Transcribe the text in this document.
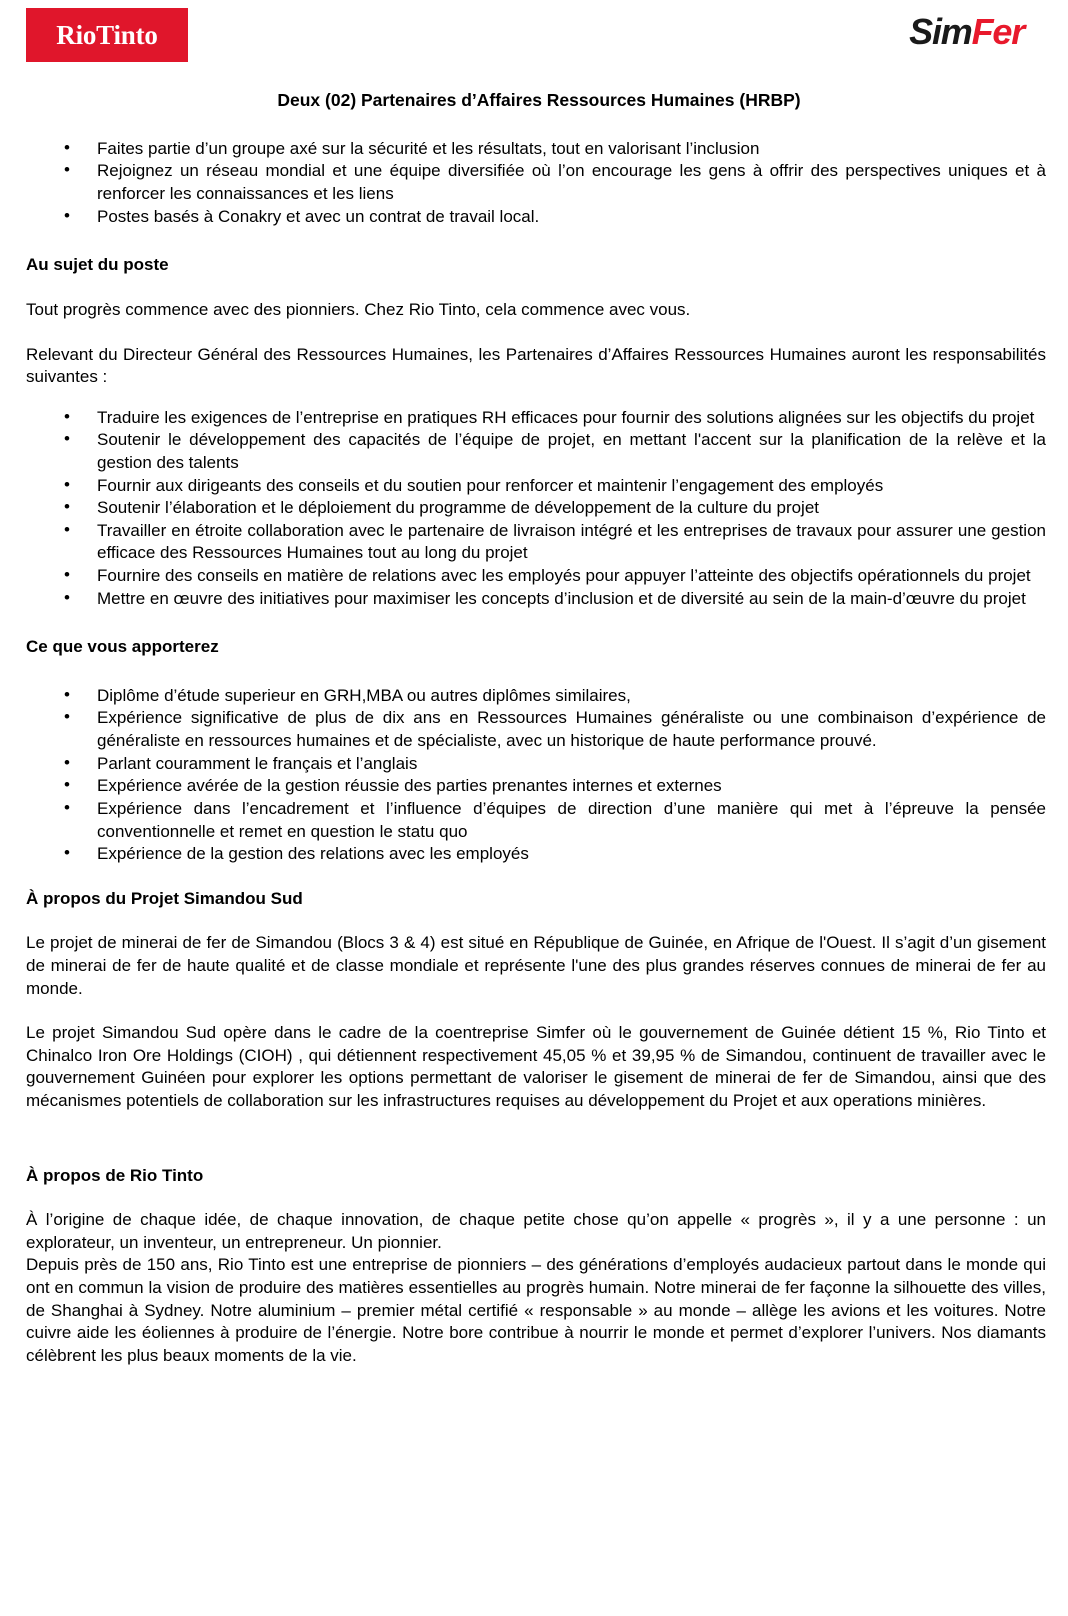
RioTinto	SimFer
Deux (02) Partenaires d’Affaires Ressources Humaines (HRBP)
• Faites partie d’un groupe axé sur la sécurité et les résultats, tout en valorisant l’inclusion
• Rejoignez un réseau mondial et une équipe diversifiée où l’on encourage les gens à offrir des perspectives uniques et à renforcer les connaissances et les liens
• Postes basés à Conakry et avec un contrat de travail local.
Au sujet du poste

Tout progrès commence avec des pionniers. Chez Rio Tinto, cela commence avec vous.

Relevant du Directeur Général des Ressources Humaines, les Partenaires d’Affaires Ressources Humaines auront les responsabilités suivantes :

• Traduire les exigences de l’entreprise en pratiques RH efficaces pour fournir des solutions alignées sur les objectifs du projet
• Soutenir le développement des capacités de l’équipe de projet, en mettant l'accent sur la planification de la relève et la gestion des talents
• Fournir aux dirigeants des conseils et du soutien pour renforcer et maintenir l’engagement des employés
• Soutenir l’élaboration et le déploiement du programme de développement de la culture du projet
• Travailler en étroite collaboration avec le partenaire de livraison intégré et les entreprises de travaux pour assurer une gestion efficace des Ressources Humaines tout au long du projet
• Fournire des conseils en matière de relations avec les employés pour appuyer l’atteinte des objectifs opérationnels du projet
• Mettre en œuvre des initiatives pour maximiser les concepts d’inclusion et de diversité au sein de la main-d’œuvre du projet
Ce que vous apporterez
• Diplôme d’étude superieur en GRH,MBA ou autres diplômes similaires,
• Expérience significative de plus de dix ans en Ressources Humaines généraliste ou une combinaison d’expérience de généraliste en ressources humaines et de spécialiste, avec un historique de haute performance prouvé.
• Parlant couramment le français et l’anglais
• Expérience avérée de la gestion réussie des parties prenantes internes et externes
• Expérience dans l’encadrement et l’influence d’équipes de direction d’une manière qui met à l’épreuve la pensée conventionnelle et remet en question le statu quo
• Expérience de la gestion des relations avec les employés
À propos du Projet Simandou Sud

Le projet de minerai de fer de Simandou (Blocs 3 & 4) est situé en République de Guinée, en Afrique de l'Ouest. Il s’agit d’un gisement de minerai de fer de haute qualité et de classe mondiale et représente l'une des plus grandes réserves connues de minerai de fer au monde.

Le projet Simandou Sud opère dans le cadre de la coentreprise Simfer où le gouvernement de Guinée détient 15 %, Rio Tinto et Chinalco Iron Ore Holdings (CIOH) , qui détiennent respectivement 45,05 % et 39,95 % de Simandou, continuent de travailler avec le gouvernement Guinéen pour explorer les options permettant de valoriser le gisement de minerai de fer de Simandou, ainsi que des mécanismes potentiels de collaboration sur les infrastructures requises au développement du Projet et aux operations minières.

À propos de Rio Tinto

À l’origine de chaque idée, de chaque innovation, de chaque petite chose qu’on appelle « progrès », il y a une personne : un explorateur, un inventeur, un entrepreneur. Un pionnier.

Depuis près de 150 ans, Rio Tinto est une entreprise de pionniers – des générations d’employés audacieux partout dans le monde qui ont en commun la vision de produire des matières essentielles au progrès humain. Notre minerai de fer façonne la silhouette des villes, de Shanghai à Sydney. Notre aluminium – premier métal certifié « responsable » au monde – allège les avions et les voitures. Notre cuivre aide les éoliennes à produire de l’énergie. Notre bore contribue à nourrir le monde et permet d’explorer l’univers. Nos diamants célèbrent les plus beaux moments de la vie.
